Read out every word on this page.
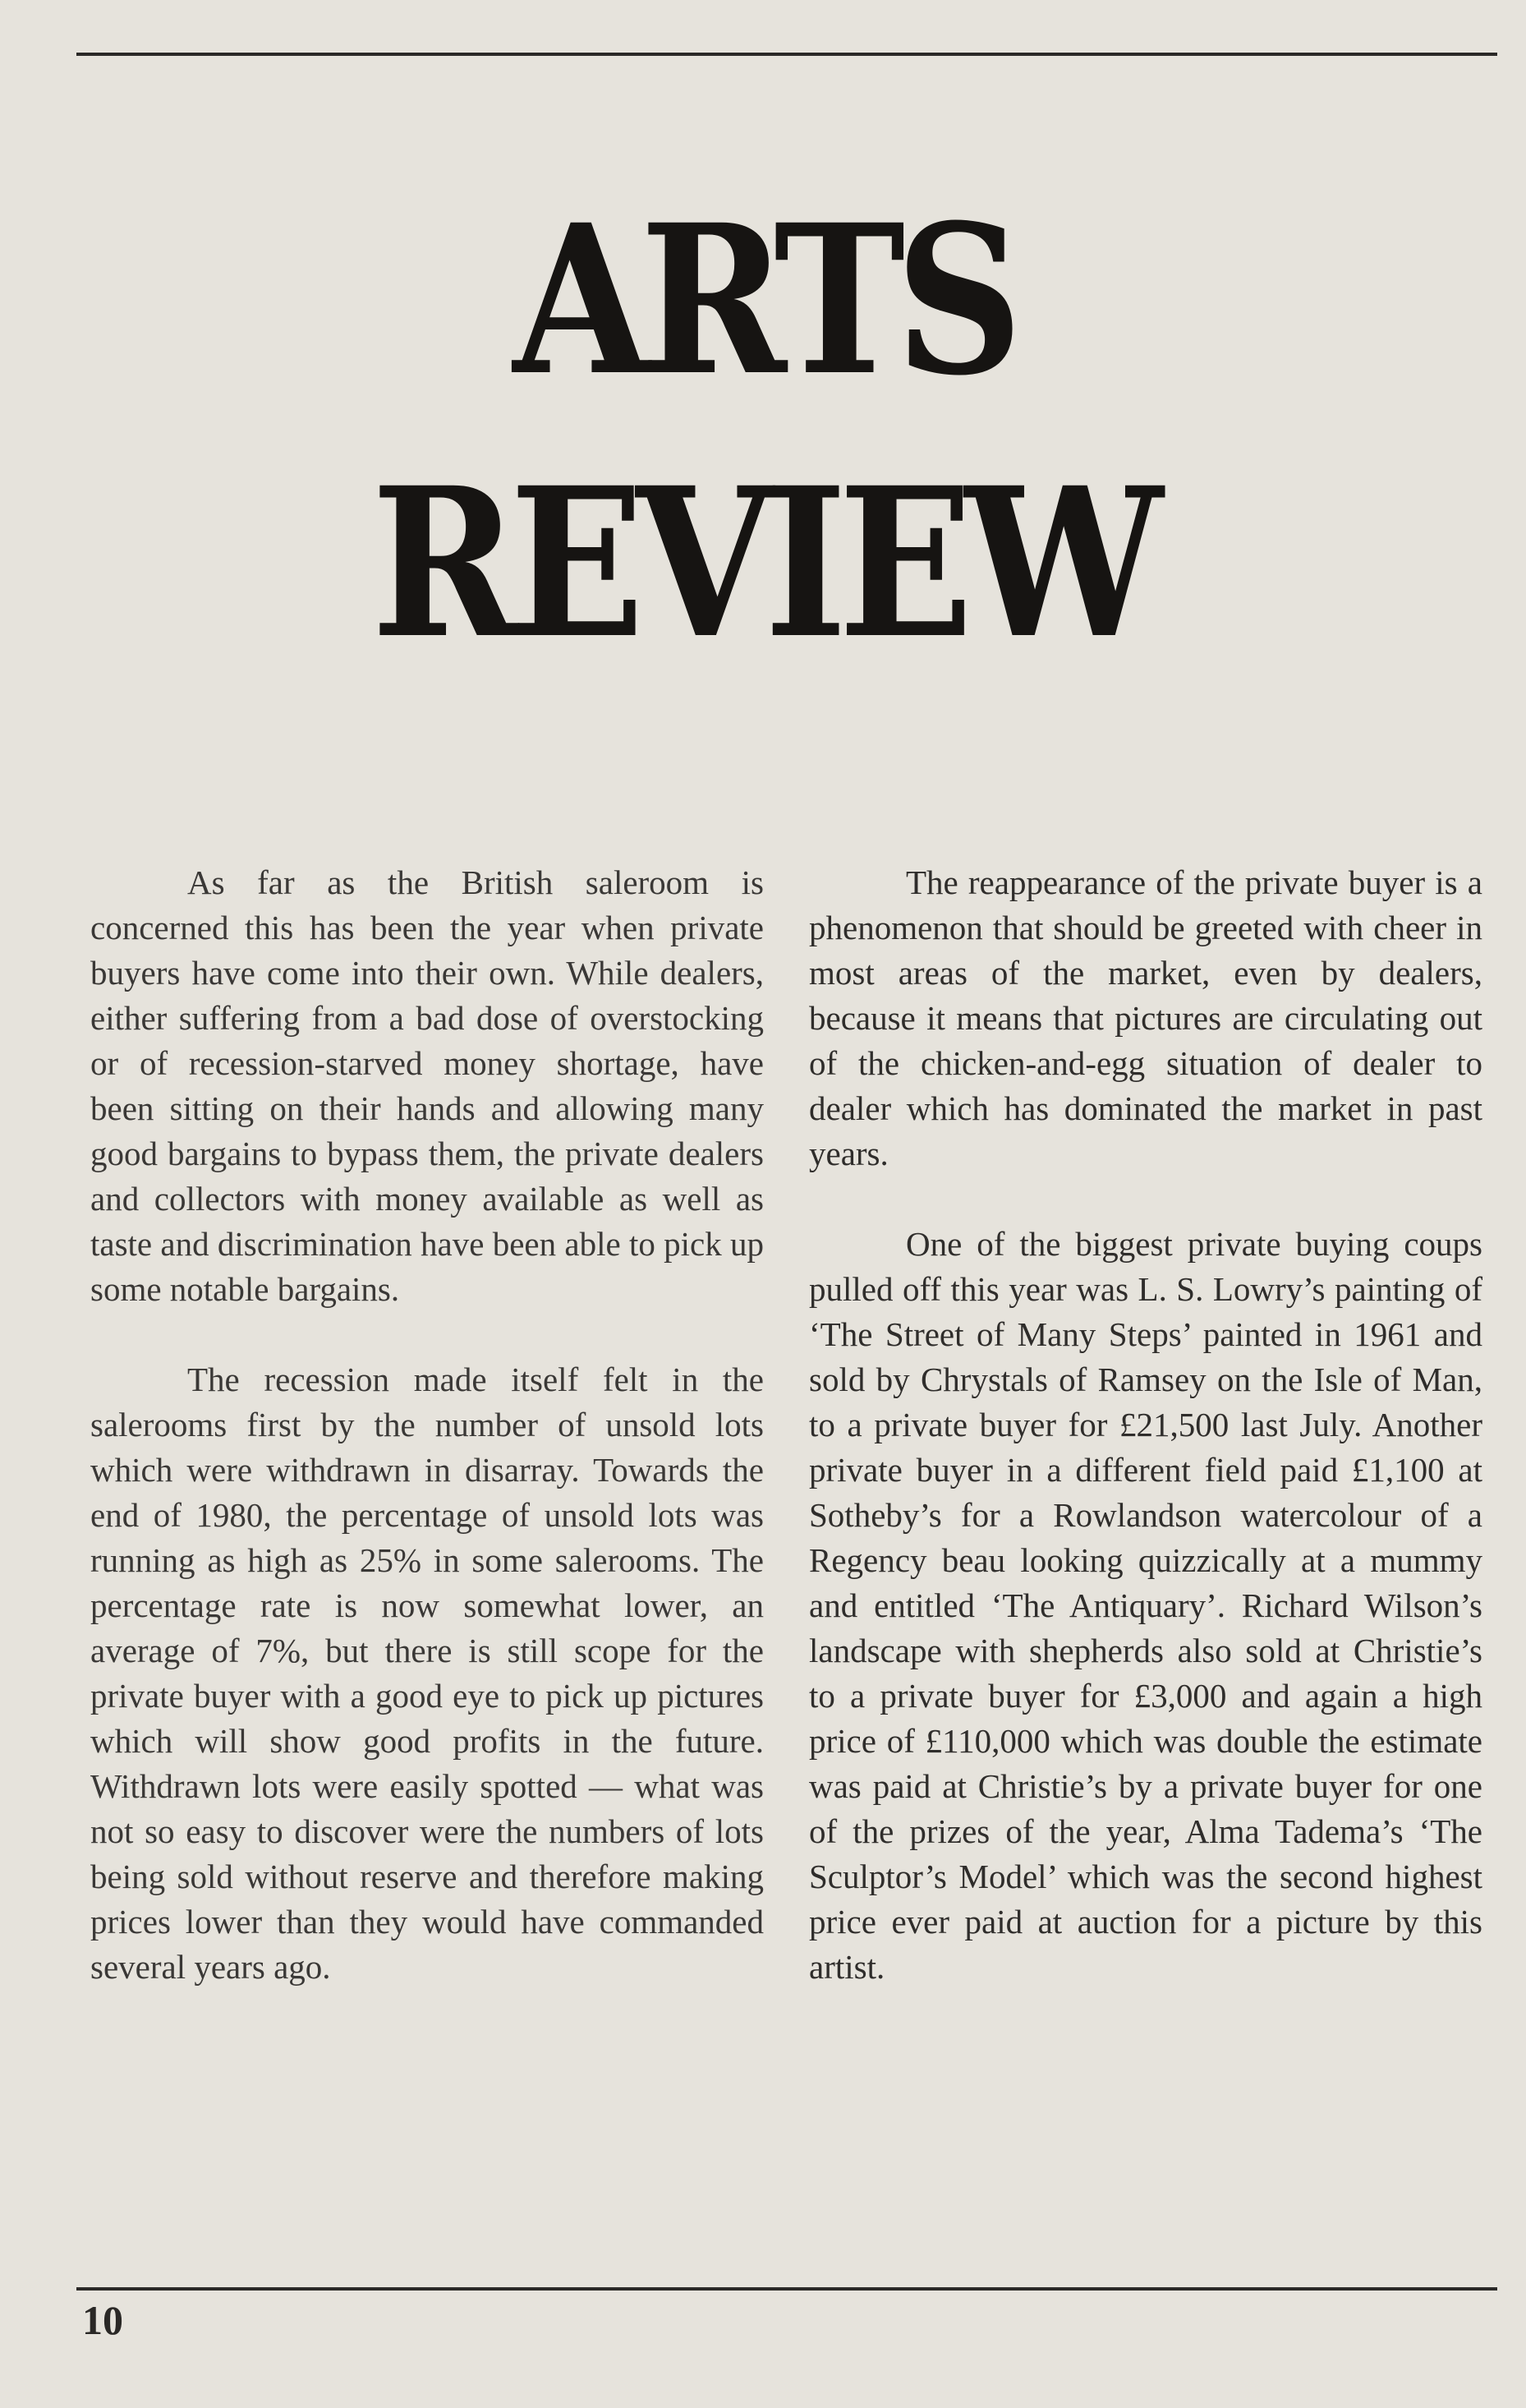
ARTS
REVIEW

As far as the British saleroom is concerned this has been the year when private buyers have come into their own. While dealers, either suffering from a bad dose of overstocking or of recession-starved money shortage, have been sitting on their hands and allowing many good bargains to bypass them, the private dealers and collectors with money available as well as taste and discrimination have been able to pick up some notable bargains.

The recession made itself felt in the salerooms first by the number of unsold lots which were withdrawn in disarray. Towards the end of 1980, the percentage of unsold lots was running as high as 25% in some salerooms. The percentage rate is now somewhat lower, an average of 7%, but there is still scope for the private buyer with a good eye to pick up pictures which will show good profits in the future. Withdrawn lots were easily spotted — what was not so easy to discover were the numbers of lots being sold without reserve and therefore making prices lower than they would have commanded several years ago.

The reappearance of the private buyer is a phenomenon that should be greeted with cheer in most areas of the market, even by dealers, because it means that pictures are circulating out of the chicken-and-egg situation of dealer to dealer which has dominated the market in past years.

One of the biggest private buying coups pulled off this year was L. S. Lowry’s painting of ‘The Street of Many Steps’ painted in 1961 and sold by Chrystals of Ramsey on the Isle of Man, to a private buyer for £21,500 last July. Another private buyer in a different field paid £1,100 at Sotheby’s for a Rowlandson watercolour of a Regency beau looking quizzically at a mummy and entitled ‘The Antiquary’. Richard Wilson’s landscape with shepherds also sold at Christie’s to a private buyer for £3,000 and again a high price of £110,000 which was double the estimate was paid at Christie’s by a private buyer for one of the prizes of the year, Alma Tadema’s ‘The Sculptor’s Model’ which was the second highest price ever paid at auction for a picture by this artist.

10
